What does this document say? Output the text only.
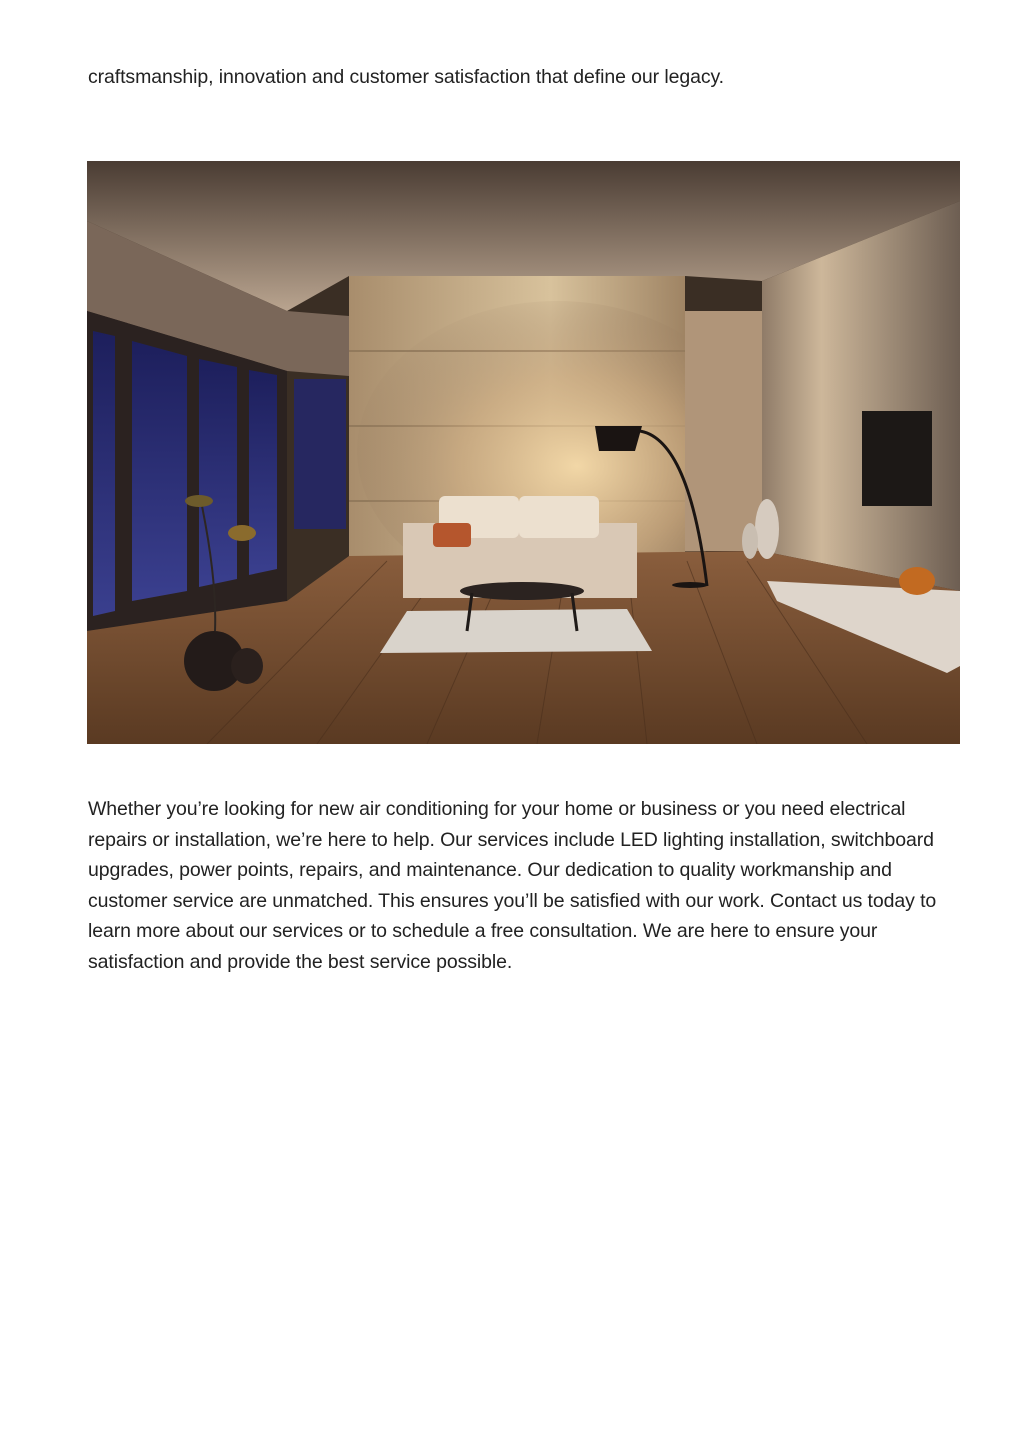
craftsmanship, innovation and customer satisfaction that define our legacy.

Whether you’re looking for new air conditioning for your home or business or you need electrical repairs or installation, we’re here to help. Our services include LED lighting installation, switchboard upgrades, power points, repairs, and maintenance. Our dedication to quality workmanship and customer service are unmatched. This ensures you’ll be satisfied with our work. Contact us today to learn more about our services or to schedule a free consultation. We are here to ensure your satisfaction and provide the best service possible.
